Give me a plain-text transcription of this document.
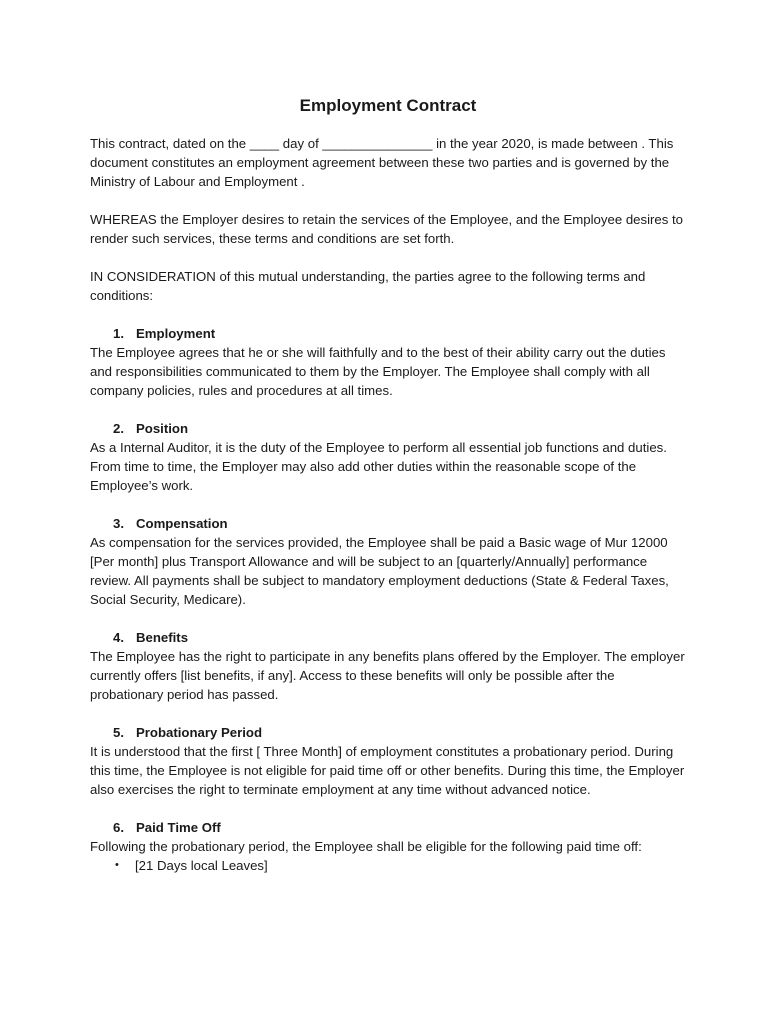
Employment Contract

This contract, dated on the ____ day of _______________ in the year 2020, is made between . This document constitutes an employment agreement between these two parties and is governed by the Ministry of Labour and Employment .

WHEREAS the Employer desires to retain the services of the Employee, and the Employee desires to render such services, these terms and conditions are set forth.

IN CONSIDERATION of this mutual understanding, the parties agree to the following terms and conditions:

1. Employment

The Employee agrees that he or she will faithfully and to the best of their ability carry out the duties and responsibilities communicated to them by the Employer. The Employee shall comply with all company policies, rules and procedures at all times.

2. Position

As a Internal Auditor, it is the duty of the Employee to perform all essential job functions and duties. From time to time, the Employer may also add other duties within the reasonable scope of the Employee’s work.

3. Compensation

As compensation for the services provided, the Employee shall be paid a Basic wage of Mur 12000 [Per month] plus Transport Allowance and will be subject to an [quarterly/Annually] performance review. All payments shall be subject to mandatory employment deductions (State & Federal Taxes, Social Security, Medicare).

4. Benefits

The Employee has the right to participate in any benefits plans offered by the Employer. The employer currently offers [list benefits, if any]. Access to these benefits will only be possible after the probationary period has passed.

5. Probationary Period

It is understood that the first [ Three Month] of employment constitutes a probationary period. During this time, the Employee is not eligible for paid time off or other benefits. During this time, the Employer also exercises the right to terminate employment at any time without advanced notice.

6. Paid Time Off

Following the probationary period, the Employee shall be eligible for the following paid time off:

•	[21 Days local Leaves]
